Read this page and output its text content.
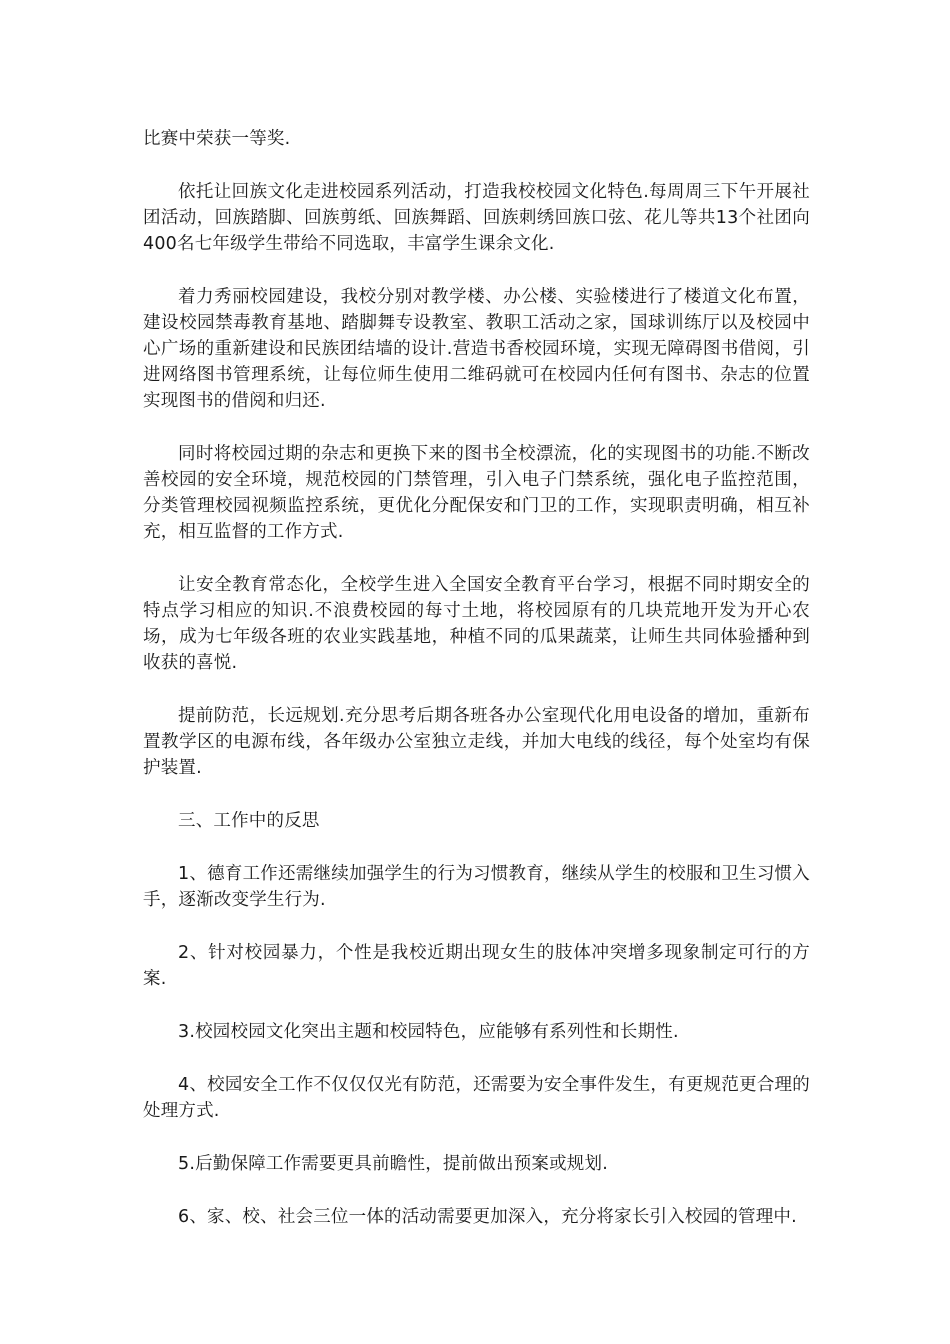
比赛中荣获一等奖.

依托让回族文化走进校园系列活动，打造我校校园文化特色.每周周三下午开展社团活动，回族踏脚、回族剪纸、回族舞蹈、回族刺绣回族口弦、花儿等共13个社团向400名七年级学生带给不同选取，丰富学生课余文化.

着力秀丽校园建设，我校分别对教学楼、办公楼、实验楼进行了楼道文化布置，建设校园禁毒教育基地、踏脚舞专设教室、教职工活动之家，国球训练厅以及校园中心广场的重新建设和民族团结墙的设计.营造书香校园环境，实现无障碍图书借阅，引进网络图书管理系统，让每位师生使用二维码就可在校园内任何有图书、杂志的位置实现图书的借阅和归还.

同时将校园过期的杂志和更换下来的图书全校漂流，化的实现图书的功能.不断改善校园的安全环境，规范校园的门禁管理，引入电子门禁系统，强化电子监控范围，分类管理校园视频监控系统，更优化分配保安和门卫的工作，实现职责明确，相互补充，相互监督的工作方式.

让安全教育常态化，全校学生进入全国安全教育平台学习，根据不同时期安全的特点学习相应的知识.不浪费校园的每寸土地，将校园原有的几块荒地开发为开心农场，成为七年级各班的农业实践基地，种植不同的瓜果蔬菜，让师生共同体验播种到收获的喜悦.

提前防范，长远规划.充分思考后期各班各办公室现代化用电设备的增加，重新布置教学区的电源布线，各年级办公室独立走线，并加大电线的线径，每个处室均有保护装置.

三、工作中的反思

1、德育工作还需继续加强学生的行为习惯教育，继续从学生的校服和卫生习惯入手，逐渐改变学生行为.

2、针对校园暴力，个性是我校近期出现女生的肢体冲突增多现象制定可行的方案.

3.校园校园文化突出主题和校园特色，应能够有系列性和长期性.

4、校园安全工作不仅仅仅光有防范，还需要为安全事件发生，有更规范更合理的处理方式.

5.后勤保障工作需要更具前瞻性，提前做出预案或规划.

6、家、校、社会三位一体的活动需要更加深入，充分将家长引入校园的管理中.
